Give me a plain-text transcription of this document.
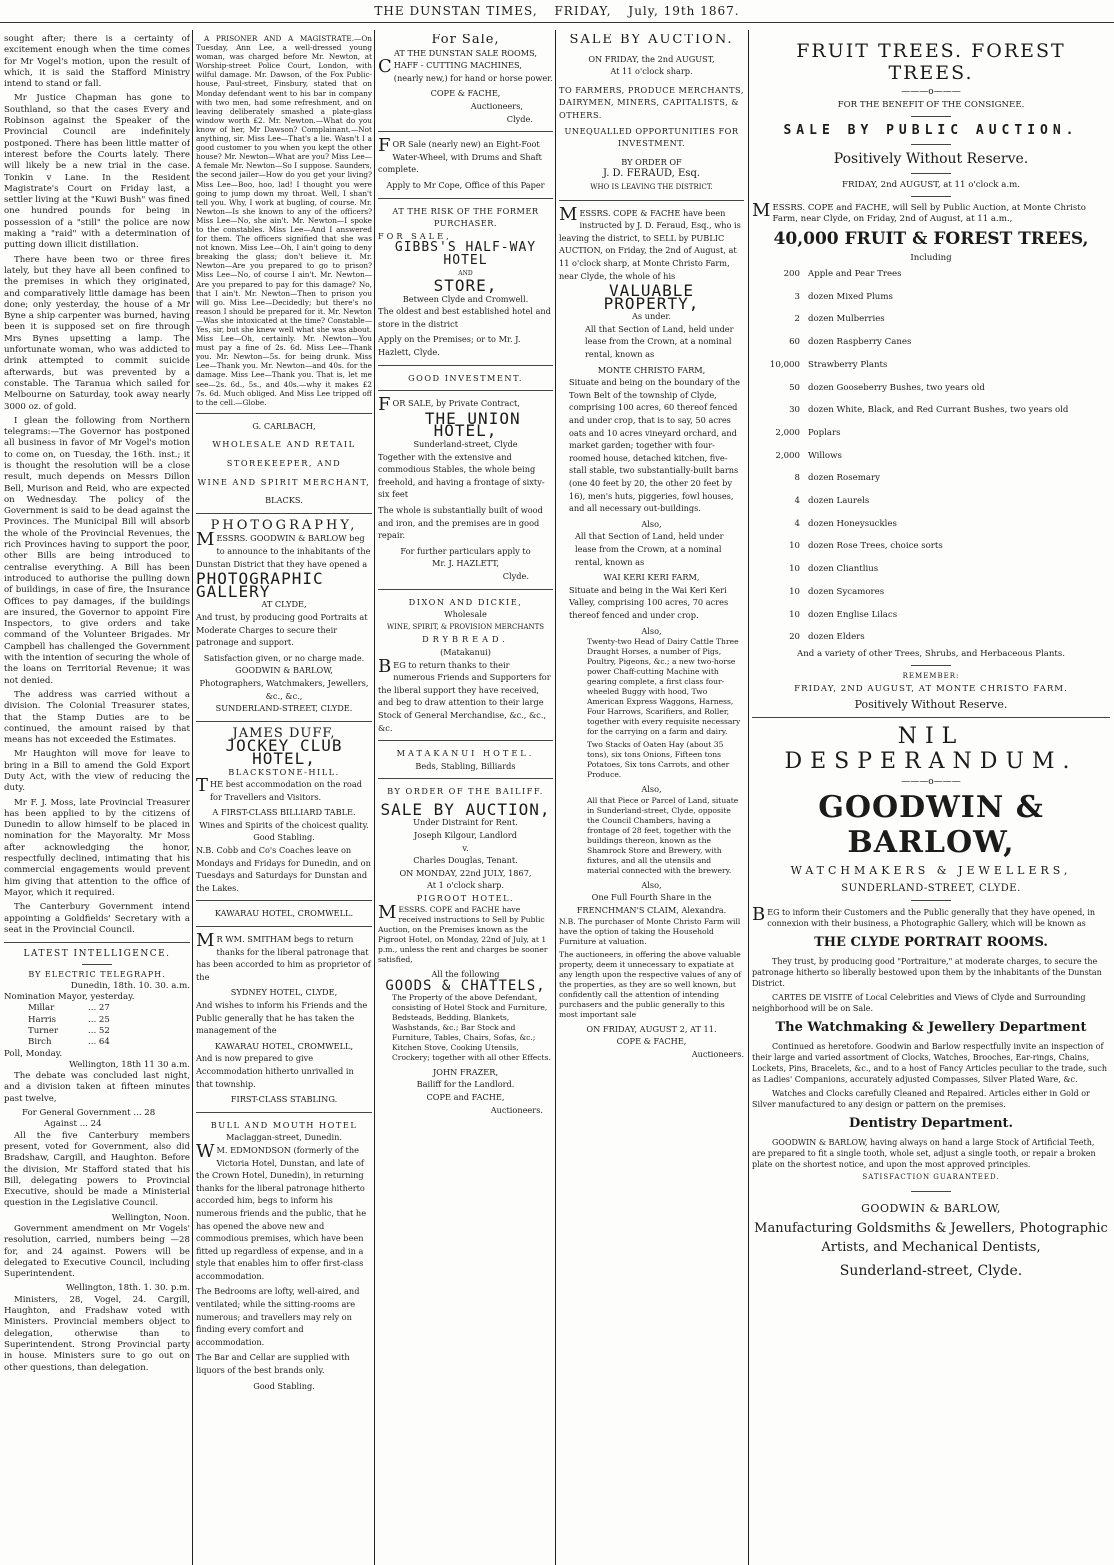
THE DUNSTAN TIMES, FRIDAY, July, 19th 1867.

sought after; there is a certainty of excitement enough when the time comes for Mr Vogel's motion, upon the result of which, it is said the Stafford Ministry intend to stand or fall.

Mr Justice Chapman has gone to Southland, so that the cases Every and Robinson against the Speaker of the Provincial Council are indefinitely postponed. There has been little matter of interest before the Courts lately. There will likely be a new trial in the case. Tonkin v Lane. In the Resident Magistrate's Court on Friday last, a settler living at the "Kuwi Bush" was fined one hundred pounds for being in possession of a "still" the police are now making a "raid" with a determination of putting down illicit distillation.

There have been two or three fires lately, but they have all been confined to the premises in which they originated, and comparatively little damage has been done; only yesterday, the house of a Mr Byne a ship carpenter was burned, having been it is supposed set on fire through Mrs Bynes upsetting a lamp. The unfortunate woman, who was addicted to drink attempted to commit suicide afterwards, but was prevented by a constable. The Taranua which sailed for Melbourne on Saturday, took away nearly 3000 oz. of gold.

I glean the following from Northern telegrams:—The Governor has postponed all business in favor of Mr Vogel's motion to come on, on Tuesday, the 16th. inst.; it is thought the resolution will be a close result, much depends on Messrs Dillon Bell, Murison and Reid, who are expected on Wednesday. The policy of the Government is said to be dead against the Provinces. The Municipal Bill will absorb the whole of the Provincial Revenues, the rich Provinces having to support the poor, other Bills are being introduced to centralise everything. A Bill has been introduced to authorise the pulling down of buildings, in case of fire, the Insurance Offices to pay damages, if the buildings are insured, the Governor to appoint Fire Inspectors, to give orders and take command of the Volunteer Brigades. Mr Campbell has challenged the Government with the intention of securing the whole of the loans on Territorial Revenue; it was not denied.

The address was carried without a division. The Colonial Treasurer states, that the Stamp Duties are to be continued, the amount raised by that means has not exceeded the Estimates.

Mr Haughton will move for leave to bring in a Bill to amend the Gold Export Duty Act, with the view of reducing the duty.

Mr F. J. Moss, late Provincial Treasurer has been applied to by the citizens of Dunedin to allow himself to be placed in nomination for the Mayoralty. Mr Moss after acknowledging the honor, respectfully declined, intimating that his commercial engagements would prevent him giving that attention to the office of Mayor, which it required.

The Canterbury Government intend appointing a Goldfields' Secretary with a seat in the Provincial Council.

LATEST INTELLIGENCE.
BY ELECTRIC TELEGRAPH.
Dunedin, 18th. 10. 30. a.m.
Nomination Mayor, yesterday.
Millar	... 27
Harris	... 25
Turner	... 52
Birch	... 64
Poll, Monday.
Wellington, 18th 11 30 a.m.

The debate was concluded last night, and a division taken at fifteen minutes past twelve,

For General Government ... 28
Against ... 24

All the five Canterbury members present, voted for Government, also did Bradshaw, Cargill, and Haughton. Before the division, Mr Stafford stated that his Bill, delegating powers to Provincial Executive, should be made a Ministerial question in the Legislative Council.

Wellington, Noon.

Government amendment on Mr Vogels' resolution, carried, numbers being —28 for, and 24 against. Powers will be delegated to Executive Council, including Superintendent.

Wellington, 18th. 1. 30. p.m.

Ministers, 28, Vogel, 24. Cargill, Haughton, and Fradshaw voted with Ministers. Provincial members object to delegation, otherwise than to Superintendent. Strong Provincial party in house. Ministers sure to go out on other questions, than delegation.

A PRISONER AND A MAGISTRATE.—On Tuesday, Ann Lee, a well-dressed young woman, was charged before Mr. Newton, at Worship-street Police Court, London, with wilful damage. Mr. Dawson, of the Fox Public-house, Paul-street, Finsbury, stated that on Monday defendant went to his bar in company with two men, had some refreshment, and on leaving deliberately smashed a plate-glass window worth £2. Mr. Newton.—What do you know of her, Mr Dawson? Complainant.—Not anything, sir. Miss Lee—That's a lie. Wasn't I a good customer to you when you kept the other house? Mr. Newton—What are you? Miss Lee—A female Mr. Newton—So I suppose. Saunders, the second jailer—How do you get your living? Miss Lee—Boo, hoo, lad! I thought you were going to jump down my throat. Well, I shan't tell you. Why, I work at bugling, of course. Mr. Newton—Is she known to any of the officers? Miss Lee—No, she ain't. Mr. Newton—I spoke to the constables. Miss Lee—And I answered for them. The officers signified that she was not known. Miss Lee—Oh, I ain't going to deny breaking the glass; don't believe it. Mr. Newton—Are you prepared to go to prison? Miss Lee—No, of course I ain't. Mr. Newton—Are you prepared to pay for this damage? No, that I ain't. Mr. Newton—Then to prison you will go. Miss Lee—Decidedly; but there's no reason I should be prepared for it. Mr. Newton—Was she intoxicated at the time? Constable—Yes, sir, but she knew well what she was about. Miss Lee—Oh, certainly. Mr. Newton—You must pay a fine of 2s. 6d. Miss Lee—Thank you. Mr. Newton—5s. for being drunk. Miss Lee—Thank you. Mr. Newton—and 40s. for the damage. Miss Lee—Thank you. That is, let me see—2s. 6d., 5s., and 40s.—why it makes £2 7s. 6d. Much obliged. And Miss Lee tripped off to the cell.—Globe.

G. CARLBACH,
WHOLESALE AND RETAIL
STOREKEEPER, AND
WINE AND SPIRIT MERCHANT,
BLACKS.
PHOTOGRAPHY,

MESSRS. GOODWIN & BARLOW beg to announce to the inhabitants of the Dunstan District that they have opened a

PHOTOGRAPHIC GALLERY
AT CLYDE,

And trust, by producing good Portraits at Moderate Charges to secure their patronage and support.

Satisfaction given, or no charge made.
GOODWIN & BARLOW,
Photographers, Watchmakers, Jewellers, &c., &c.,
SUNDERLAND-STREET, CLYDE.
JAMES DUFF,
JOCKEY CLUB HOTEL,
BLACKSTONE-HILL.

THE best accommodation on the road for Travellers and Visitors.

A FIRST-CLASS BILLIARD TABLE.
Wines and Spirits of the choicest quality.
Good Stabling.

N.B. Cobb and Co's Coaches leave on Mondays and Fridays for Dunedin, and on Tuesdays and Saturdays for Dunstan and the Lakes.

KAWARAU HOTEL, CROMWELL.

MR WM. SMITHAM begs to return thanks for the liberal patronage that has been accorded to him as proprietor of the

SYDNEY HOTEL, CLYDE,

And wishes to inform his Friends and the Public generally that he has taken the management of the

KAWARAU HOTEL, CROMWELL,

And is now prepared to give Accommodation hitherto unrivalled in that township.

FIRST-CLASS STABLING.
BULL AND MOUTH HOTEL
Maclaggan-street, Dunedin.

WM. EDMONDSON (formerly of the Victoria Hotel, Dunstan, and late of the Crown Hotel, Dunedin), in returning thanks for the liberal patronage hitherto accorded him, begs to inform his numerous friends and the public, that he has opened the above new and commodious premises, which have been fitted up regardless of expense, and in a style that enables him to offer first-class accommodation.

The Bedrooms are lofty, well-aired, and ventilated; while the sitting-rooms are numerous; and travellers may rely on finding every comfort and accommodation.

The Bar and Cellar are supplied with liquors of the best brands only.

Good Stabling.
For Sale,
AT THE DUNSTAN SALE ROOMS,

CHAFF - CUTTING MACHINES, (nearly new,) for hand or horse power.

COPE & FACHE,
Auctioneers,
Clyde.

FOR Sale (nearly new) an Eight-Foot Water-Wheel, with Drums and Shaft complete.

Apply to Mr Cope, Office of this Paper
AT THE RISK OF THE FORMER PURCHASER.
FOR SALE,
GIBBS'S HALF-WAY HOTEL
AND
STORE,
Between Clyde and Cromwell.

The oldest and best established hotel and store in the district

Apply on the Premises; or to Mr. J. Hazlett, Clyde.

GOOD INVESTMENT.

FOR SALE, by Private Contract,

THE UNION HOTEL,
Sunderland-street, Clyde

Together with the extensive and commodious Stables, the whole being freehold, and having a frontage of sixty-six feet

The whole is substantially built of wood and iron, and the premises are in good repair.

For further particulars apply to
Mr. J. HAZLETT,
Clyde.
DIXON AND DICKIE,
Wholesale
WINE, SPIRIT, & PROVISION MERCHANTS
DRYBREAD.
(Matakanui)

BEG to return thanks to their numerous Friends and Supporters for the liberal support they have received, and beg to draw attention to their large Stock of General Merchandise, &c., &c., &c.

MATAKANUI HOTEL.
Beds, Stabling, Billiards
BY ORDER OF THE BAILIFF.
SALE BY AUCTION,
Under Distraint for Rent.
Joseph Kilgour, Landlord
v.
Charles Douglas, Tenant.
ON MONDAY, 22nd JULY, 1867,
At 1 o'clock sharp.
PIGROOT HOTEL.

MESSRS. COPE and FACHE have received instructions to Sell by Public Auction, on the Premises known as the Pigroot Hotel, on Monday, 22nd of July, at 1 p.m., unless the rent and charges be sooner satisfied,

All the following
GOODS & CHATTELS,

The Property of the above Defendant, consisting of Hotel Stock and Furniture, Bedsteads, Bedding, Blankets, Washstands, &c.; Bar Stock and Furniture, Tables, Chairs, Sofas, &c.; Kitchen Stove, Cooking Utensils, Crockery; together with all other Effects.

JOHN FRAZER,
Bailiff for the Landlord.
COPE and FACHE,
Auctioneers.
SALE BY AUCTION.
ON FRIDAY, the 2nd AUGUST,
At 11 o'clock sharp.

TO FARMERS, PRODUCE MERCHANTS, DAIRYMEN, MINERS, CAPITALISTS, & OTHERS.

UNEQUALLED OPPORTUNITIES FOR INVESTMENT.
BY ORDER OF
J. D. FERAUD, Esq.
WHO IS LEAVING THE DISTRICT.

MESSRS. COPE & FACHE have been instructed by J. D. Feraud, Esq., who is leaving the district, to SELL by PUBLIC AUCTION, on Friday, the 2nd of August, at 11 o'clock sharp, at Monte Christo Farm, near Clyde, the whole of his

VALUABLE PROPERTY,
As under.

All that Section of Land, held under lease from the Crown, at a nominal rental, known as

MONTE CHRISTO FARM,

Situate and being on the boundary of the Town Belt of the township of Clyde, comprising 100 acres, 60 thereof fenced and under crop, that is to say, 50 acres oats and 10 acres vineyard orchard, and market garden; together with four-roomed house, detached kitchen, five-stall stable, two substantially-built barns (one 40 feet by 20, the other 20 feet by 16), men's huts, piggeries, fowl houses, and all necessary out-buildings.

Also,

All that Section of Land, held under lease from the Crown, at a nominal rental, known as

WAI KERI KERI FARM,

Situate and being in the Wai Keri Keri Valley, comprising 100 acres, 70 acres thereof fenced and under crop.

Also,

Twenty-two Head of Dairy Cattle Three Draught Horses, a number of Pigs, Poultry, Pigeons, &c.; a new two-horse power Chaff-cutting Machine with gearing complete, a first class four-wheeled Buggy with hood, Two American Express Waggons, Harness, Four Harrows, Scarifiers, and Roller, together with every requisite necessary for the carrying on a farm and dairy.

Two Stacks of Oaten Hay (about 35 tons), six tons Onions, Fifteen tons Potatoes, Six tons Carrots, and other Produce.

Also,

All that Piece or Parcel of Land, situate in Sunderland-street, Clyde, opposite the Council Chambers, having a frontage of 28 feet, together with the buildings thereon, known as the Shamrock Store and Brewery, with fixtures, and all the utensils and material connected with the brewery.

Also,
One Full Fourth Share in the
FRENCHMAN'S CLAIM, Alexandra.

N.B. The purchaser of Monte Christo Farm will have the option of taking the Household Furniture at valuation.

The auctioneers, in offering the above valuable property, deem it unnecessary to expatiate at any length upon the respective values of any of the properties, as they are so well known, but confidently call the attention of intending purchasers and the public generally to this most important sale

ON FRIDAY, AUGUST 2, AT 11.
COPE & FACHE,
Auctioneers.
FRUIT TREES. FOREST TREES.
———o———
FOR THE BENEFIT OF THE CONSIGNEE.
SALE BY PUBLIC AUCTION.
Positively Without Reserve.
FRIDAY, 2nd AUGUST, at 11 o'clock a.m.

MESSRS. COPE and FACHE, will Sell by Public Auction, at Monte Christo Farm, near Clyde, on Friday, 2nd of August, at 11 a.m.,

40,000 FRUIT & FOREST TREES,
Including
200 Apple and Pear Trees
3 dozen Mixed Plums
2 dozen Mulberries
60 dozen Raspberry Canes
10,000 Strawberry Plants
50 dozen Gooseberry Bushes, two years old
30 dozen White, Black, and Red Currant Bushes, two years old
2,000 Poplars
2,000 Willows
8 dozen Rosemary
4 dozen Laurels
4 dozen Honeysuckles
10 dozen Rose Trees, choice sorts
10 dozen Cliantlius
10 dozen Sycamores
10 dozen Englise Lilacs
20 dozen Elders
And a variety of other Trees, Shrubs, and Herbaceous Plants.
REMEMBER:
FRIDAY, 2ND AUGUST, AT MONTE CHRISTO FARM.
Positively Without Reserve.
NIL DESPERANDUM.
———o———
GOODWIN & BARLOW,
WATCHMAKERS & JEWELLERS,
SUNDERLAND-STREET, CLYDE.

BEG to inform their Customers and the Public generally that they have opened, in connexion with their business, a Photographic Gallery, which will be known as

THE CLYDE PORTRAIT ROOMS.

They trust, by producing good "Portraiture," at moderate charges, to secure the patronage hitherto so liberally bestowed upon them by the inhabitants of the Dunstan District.

CARTES DE VISITE of Local Celebrities and Views of Clyde and Surrounding neighborhood will be on Sale.

The Watchmaking & Jewellery Department

Continued as heretofore. Goodwin and Barlow respectfully invite an inspection of their large and varied assortment of Clocks, Watches, Brooches, Ear-rings, Chains, Lockets, Pins, Bracelets, &c., and to a host of Fancy Articles peculiar to the trade, such as Ladies' Companions, accurately adjusted Compasses, Silver Plated Ware, &c.

Watches and Clocks carefully Cleaned and Repaired. Articles either in Gold or Silver manufactured to any design or pattern on the premises.

Dentistry Department.

GOODWIN & BARLOW, having always on hand a large Stock of Artificial Teeth, are prepared to fit a single tooth, whole set, adjust a single tooth, or repair a broken plate on the shortest notice, and upon the most approved principles.

SATISFACTION GUARANTEED.
GOODWIN & BARLOW,
Manufacturing Goldsmiths & Jewellers, Photographic Artists, and Mechanical Dentists,
Sunderland-street, Clyde.
